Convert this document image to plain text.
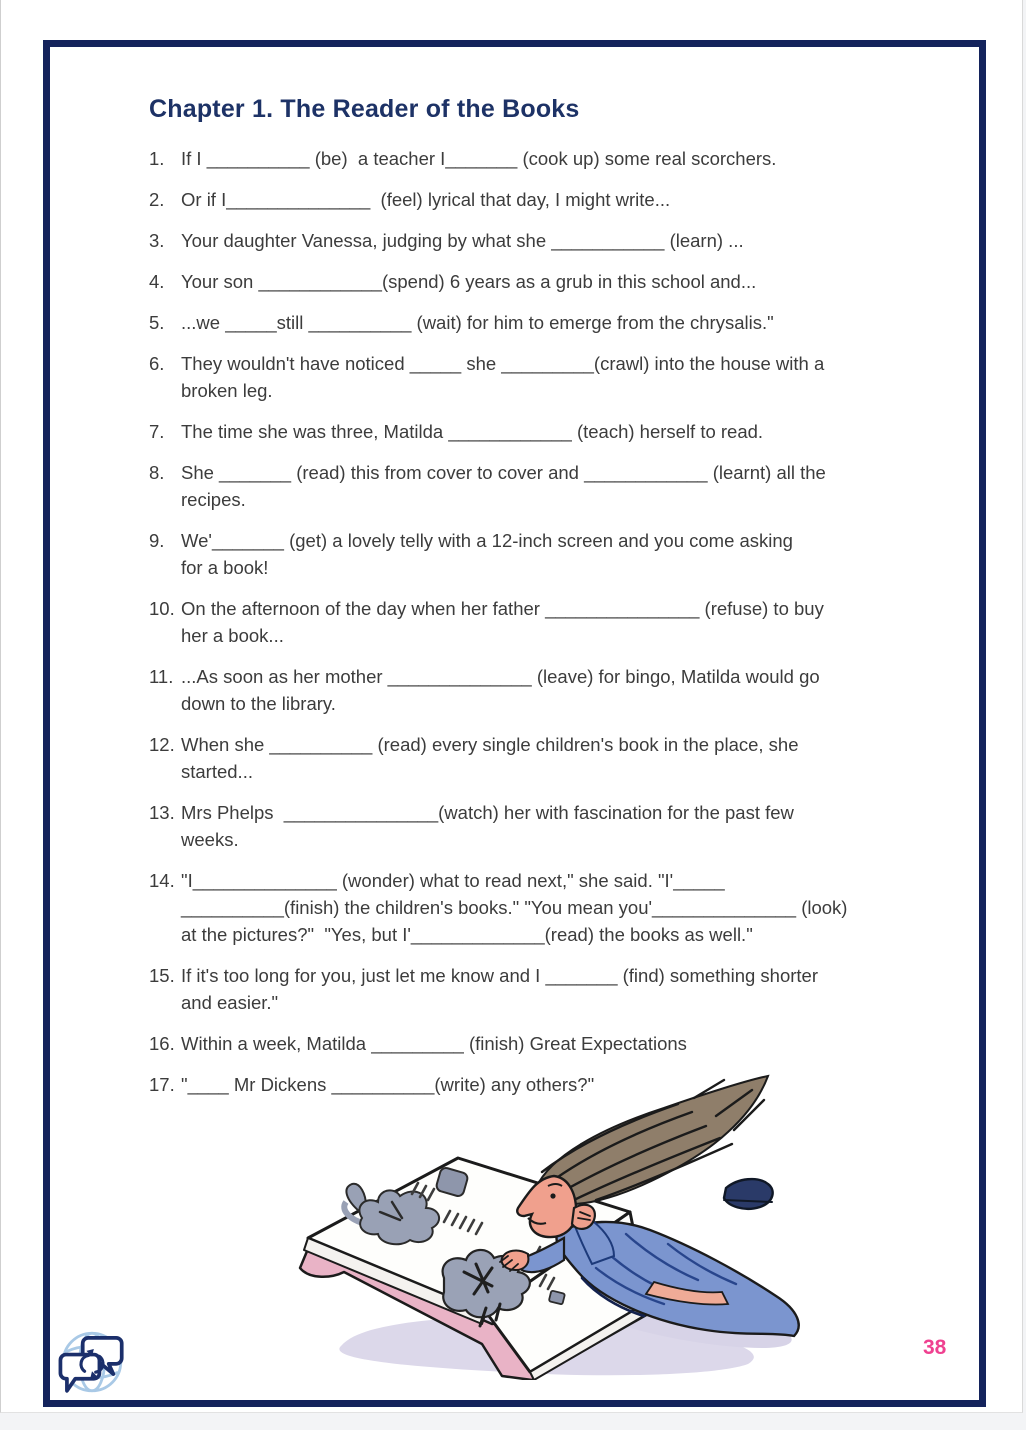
Chapter 1. The Reader of the Books
1. If I __________ (be)  a teacher I_______ (cook up) some real scorchers.
2. Or if I______________  (feel) lyrical that day, I might write...
3. Your daughter Vanessa, judging by what she ___________ (learn) ...
4. Your son ____________(spend) 6 years as a grub in this school and...
5. ...we _____still __________ (wait) for him to emerge from the chrysalis."
6. They wouldn't have noticed _____ she _________(crawl) into the house with a
broken leg.
7. The time she was three, Matilda ____________ (teach) herself to read.
8. She _______ (read) this from cover to cover and ____________ (learnt) all the
recipes.
9. We'_______ (get) a lovely telly with a 12-inch screen and you come asking
for a book!
10. On the afternoon of the day when her father _______________ (refuse) to buy
her a book...
11. ...As soon as her mother ______________ (leave) for bingo, Matilda would go
down to the library.
12. When she __________ (read) every single children's book in the place, she
started...
13. Mrs Phelps  _______________(watch) her with fascination for the past few
weeks.
14. "I______________ (wonder) what to read next," she said. "I'_____
__________(finish) the children's books." "You mean you'______________ (look)
at the pictures?"  "Yes, but I'_____________(read) the books as well."
15. If it's too long for you, just let me know and I _______ (find) something shorter
and easier."
16. Within a week, Matilda _________ (finish) Great Expectations
17. "____ Mr Dickens __________(write) any others?"
38
